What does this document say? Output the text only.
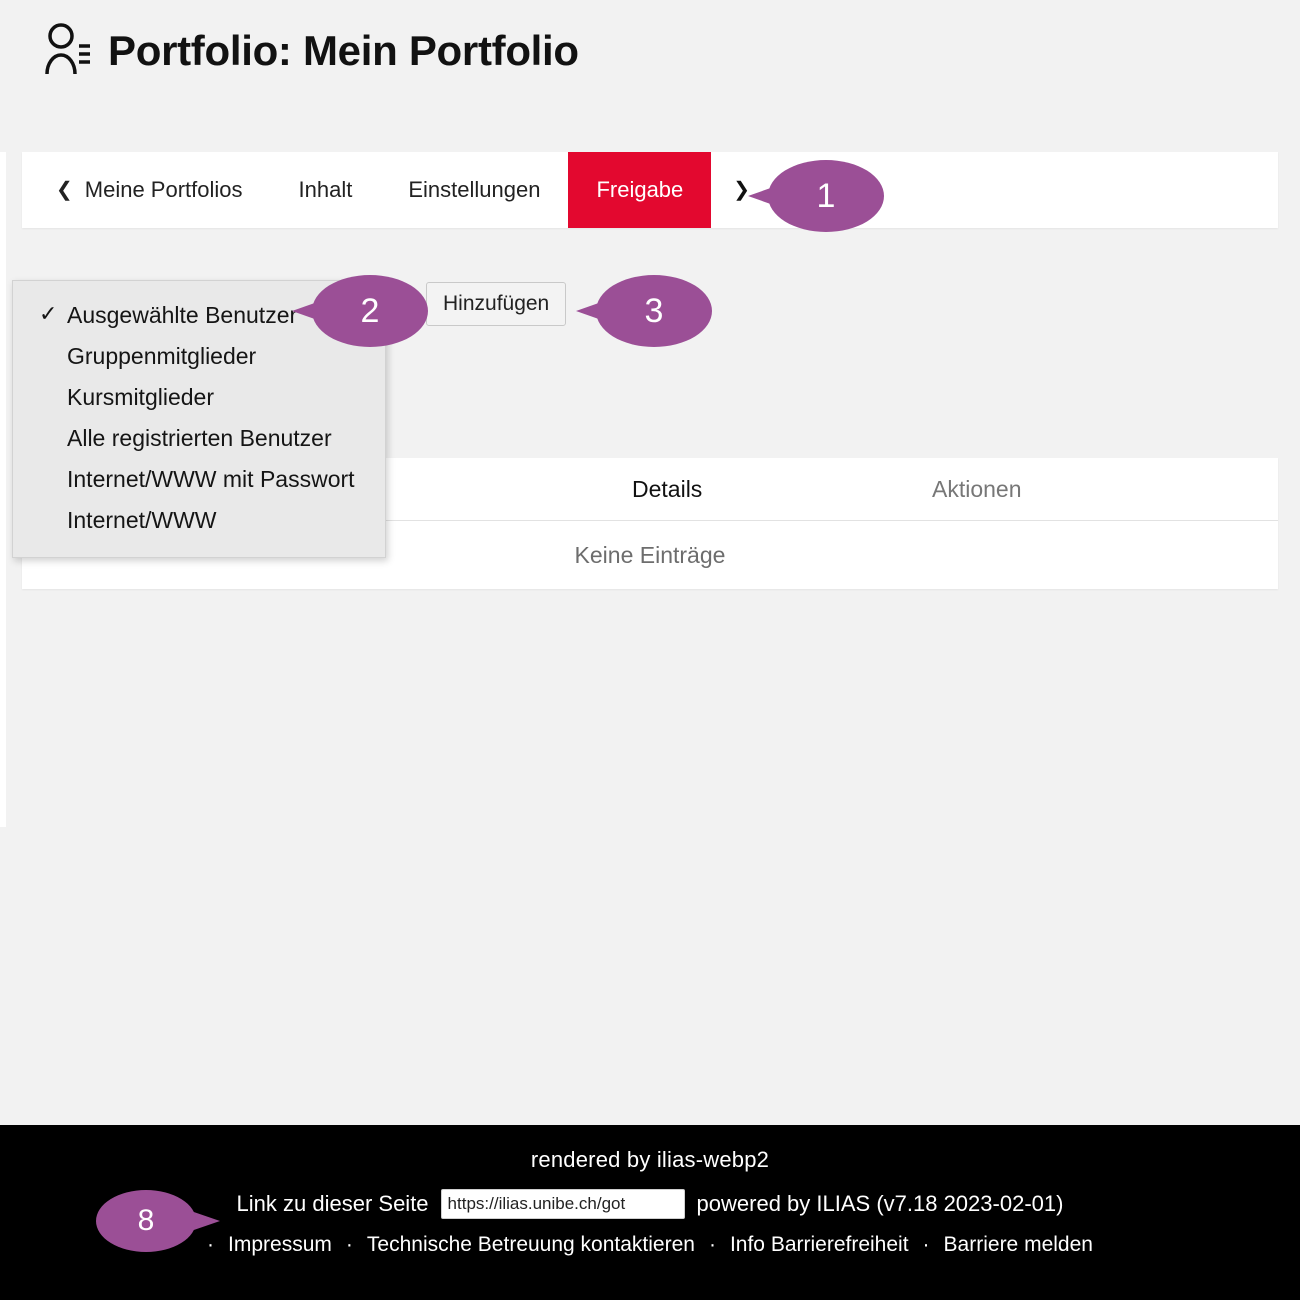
Portfolio: Mein Portfolio
❮ Meine Portfolios	Inhalt	Einstellungen	Freigabe	❯
Hinzufügen
✓ Ausgewählte Benutzer
Gruppenmitglieder
Kursmitglieder
Alle registrierten Benutzer
Internet/WWW mit Passwort
Internet/WWW
Details	Aktionen
Keine Einträge
rendered by ilias-webp2
Link zu dieser Seite
https://ilias.unibe.ch/got	powered by ILIAS (v7.18 2023-02-01)
· Impressum · Technische Betreuung kontaktieren · Info Barrierefreiheit · Barriere melden
1
2	3
8
